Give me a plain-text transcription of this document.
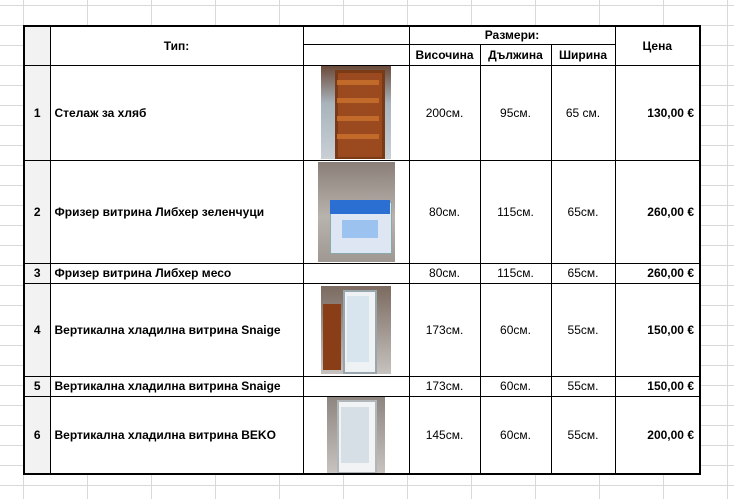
	Тип:		Размери:			Цена
			Височина	Дължина	Ширина	
1	Стелаж за хляб		200см.	95см.	65 см.	130,00 €
2	Фризер витрина Либхер зеленчуци		80см.	115см.	65см.	260,00 €
3	Фризер витрина Либхер месо		80см.	115см.	65см.	260,00 €
4	Вертикална хладилна витрина Snaige		173см.	60см.	55см.	150,00 €
5	Вертикална хладилна витрина Snaige		173см.	60см.	55см.	150,00 €
6	Вертикална хладилна витрина BEKO		145см.	60см.	55см.	200,00 €
